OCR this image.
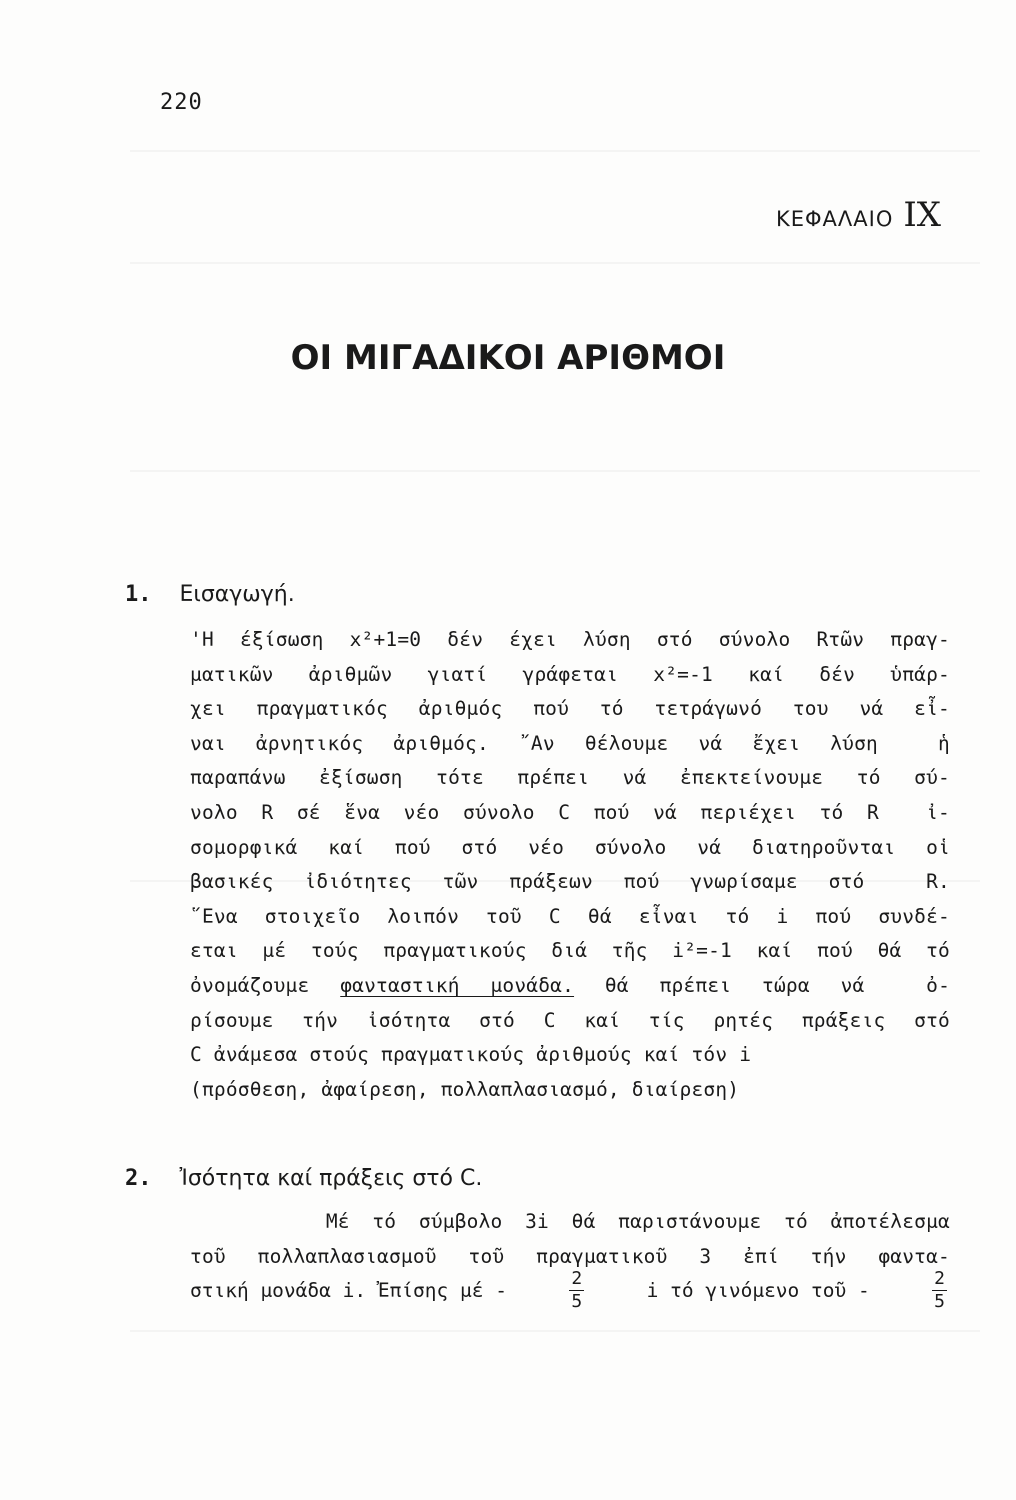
220
ΚΕΦΑΛΑΙΟ IX
ΟΙ ΜΙΓΑΔΙΚΟΙ ΑΡΙΘΜΟΙ
1. Εισαγωγή.
'Η έξίσωση x²+1=0 δέν έχει λύση στό σύνολο Rτῶν πραγ-
ματικῶν ἀριθμῶν γιατί γράφεται x²=-1 καί δέν ὑπάρ-
χει πραγματικός ἀριθμός πού τό τετράγωνό του νά εἶ-
ναι ἀρνητικός ἀριθμός. ῎Αν θέλουμε νά ἔχει λύση  ἡ
παραπάνω ἐξίσωση τότε πρέπει νά ἐπεκτείνουμε τό σύ-
νολο R σέ ἕνα νέο σύνολο C πού νά περιέχει τό R  ἰ-
σομορφικά καί πού στό νέο σύνολο νά διατηροῦνται οἱ
βασικές ἰδιότητες τῶν πράξεων πού γνωρίσαμε στό  R.
῞Ενα στοιχεῖο λοιπόν τοῦ C θά εἶναι τό i πού συνδέ-
εται μέ τούς πραγματικούς διά τῆς i²=-1 καί πού θά τό
ὀνομάζουμε φανταστική μονάδα. θά πρέπει τώρα νά  ὀ-
ρίσουμε τήν ἰσότητα στό C καί τίς ρητές πράξεις στό
C ἀνάμεσα στούς πραγματικούς ἀριθμούς καί τόν i
(πρόσθεση, ἀφαίρεση, πολλαπλασιασμό, διαίρεση)
2. Ἰσότητα καί πράξεις στό C.
Μέ τό σύμβολο 3i θά παριστάνουμε τό ἀποτέλεσμα
τοῦ πολλαπλασιασμοῦ τοῦ πραγματικοῦ 3 ἐπί τήν φαντα-
στική μονάδα i. Ἐπίσης μέ -	$\frac{2}{5}$	i τό γινόμενο τοῦ -	$\frac{2}{5}$
